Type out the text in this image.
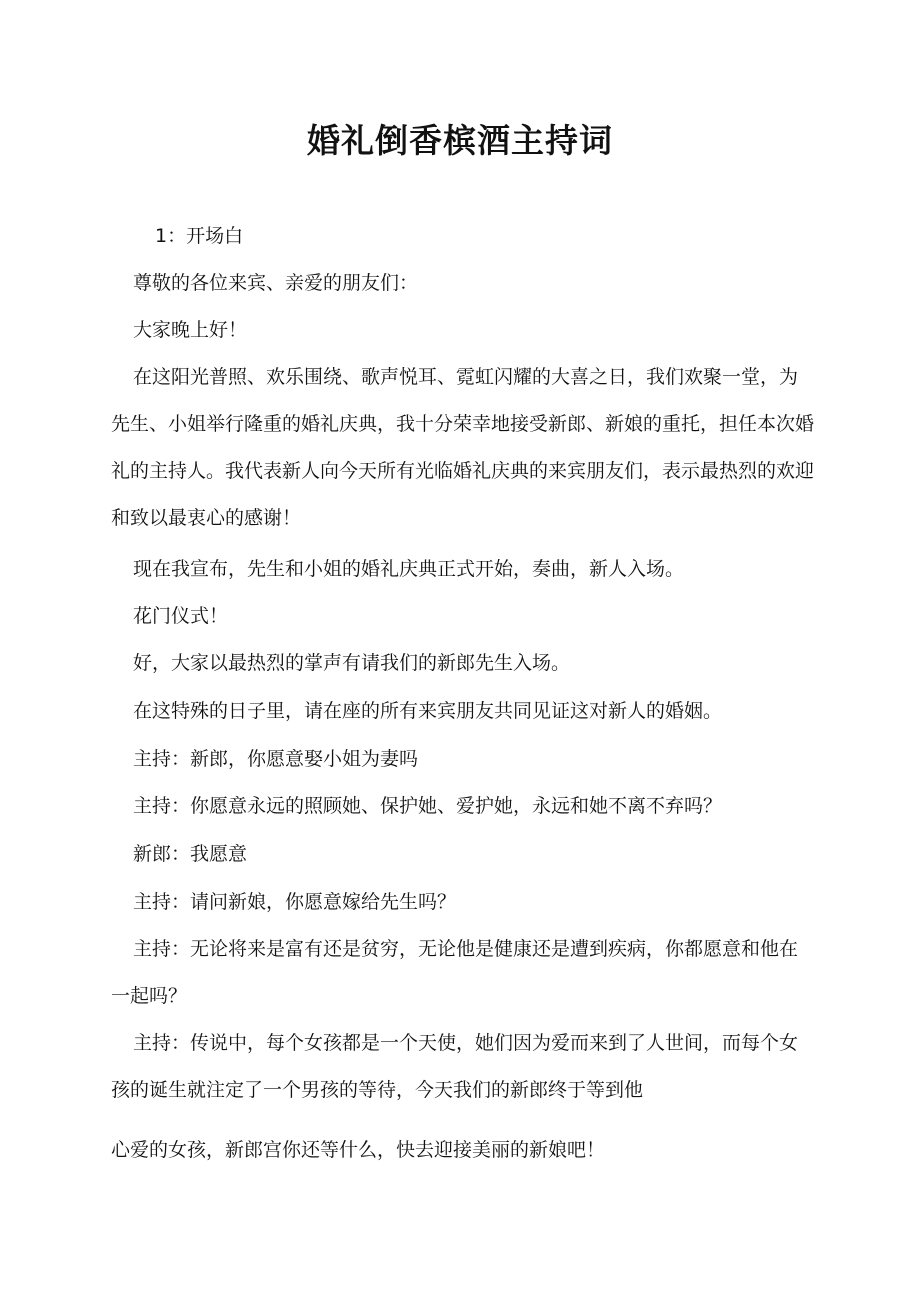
婚礼倒香槟酒主持词

1：开场白

尊敬的各位来宾、亲爱的朋友们：

大家晚上好！

在这阳光普照、欢乐围绕、歌声悦耳、霓虹闪耀的大喜之日，我们欢聚一堂，为先生、小姐举行隆重的婚礼庆典，我十分荣幸地接受新郎、新娘的重托，担任本次婚礼的主持人。我代表新人向今天所有光临婚礼庆典的来宾朋友们，表示最热烈的欢迎和致以最衷心的感谢！

现在我宣布，先生和小姐的婚礼庆典正式开始，奏曲，新人入场。

花门仪式！

好，大家以最热烈的掌声有请我们的新郎先生入场。

在这特殊的日子里，请在座的所有来宾朋友共同见证这对新人的婚姻。

主持：新郎，你愿意娶小姐为妻吗

主持：你愿意永远的照顾她、保护她、爱护她，永远和她不离不弃吗？

新郎：我愿意

主持：请问新娘，你愿意嫁给先生吗？

主持：无论将来是富有还是贫穷，无论他是健康还是遭到疾病，你都愿意和他在一起吗？

主持：传说中，每个女孩都是一个天使，她们因为爱而来到了人世间，而每个女孩的诞生就注定了一个男孩的等待，今天我们的新郎终于等到他

心爱的女孩，新郎宫你还等什么，快去迎接美丽的新娘吧！
